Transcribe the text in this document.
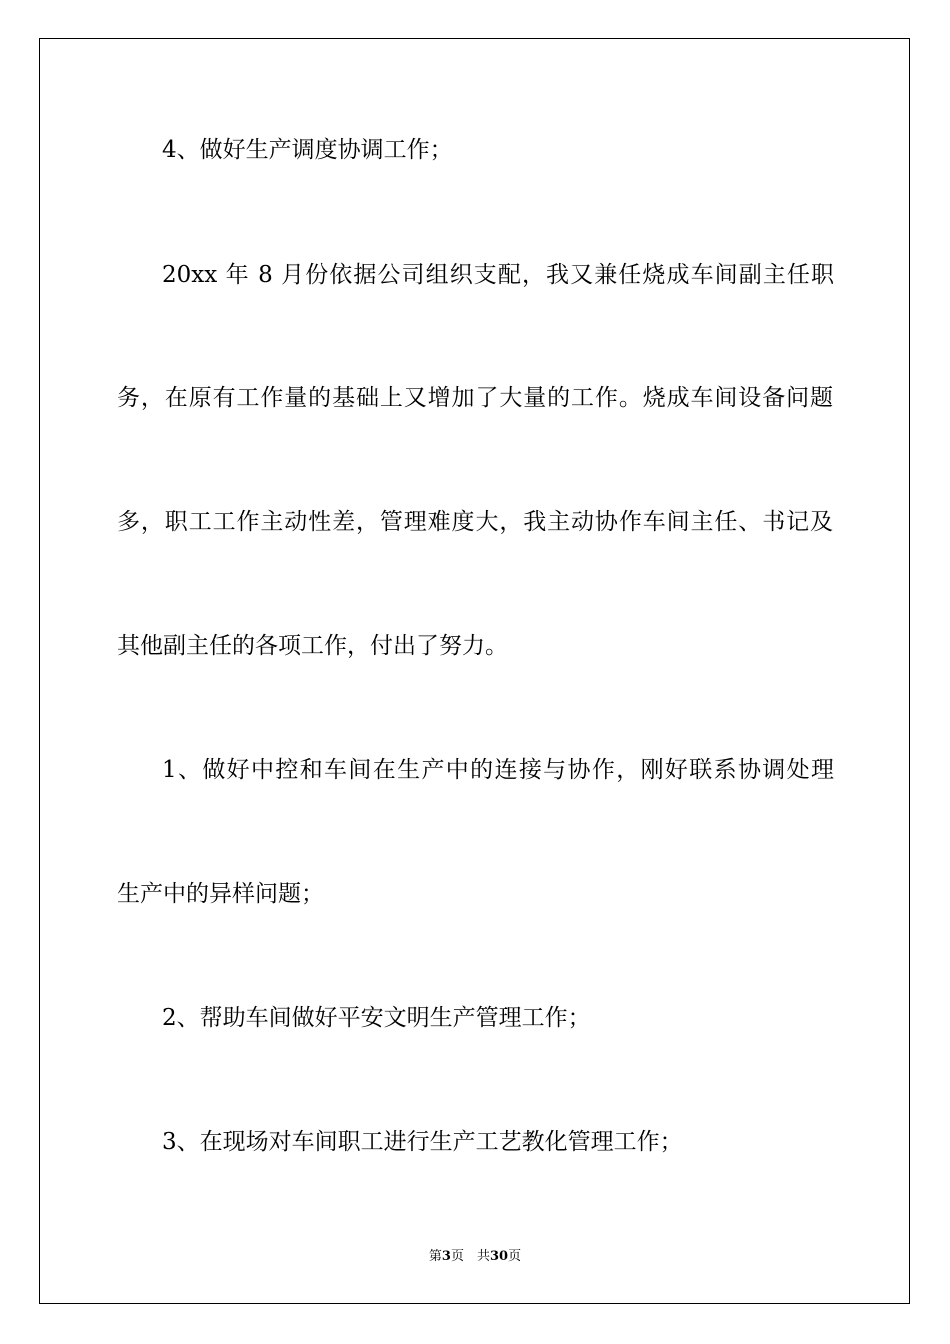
4、做好生产调度协调工作；
20xx 年 8 月份依据公司组织支配，我又兼任烧成车间副主任职
务，在原有工作量的基础上又增加了大量的工作。烧成车间设备问题
多，职工工作主动性差，管理难度大，我主动协作车间主任、书记及
其他副主任的各项工作，付出了努力。
1、做好中控和车间在生产中的连接与协作，刚好联系协调处理
生产中的异样问题；
2、帮助车间做好平安文明生产管理工作；
3、在现场对车间职工进行生产工艺教化管理工作；
第3页　共30页
